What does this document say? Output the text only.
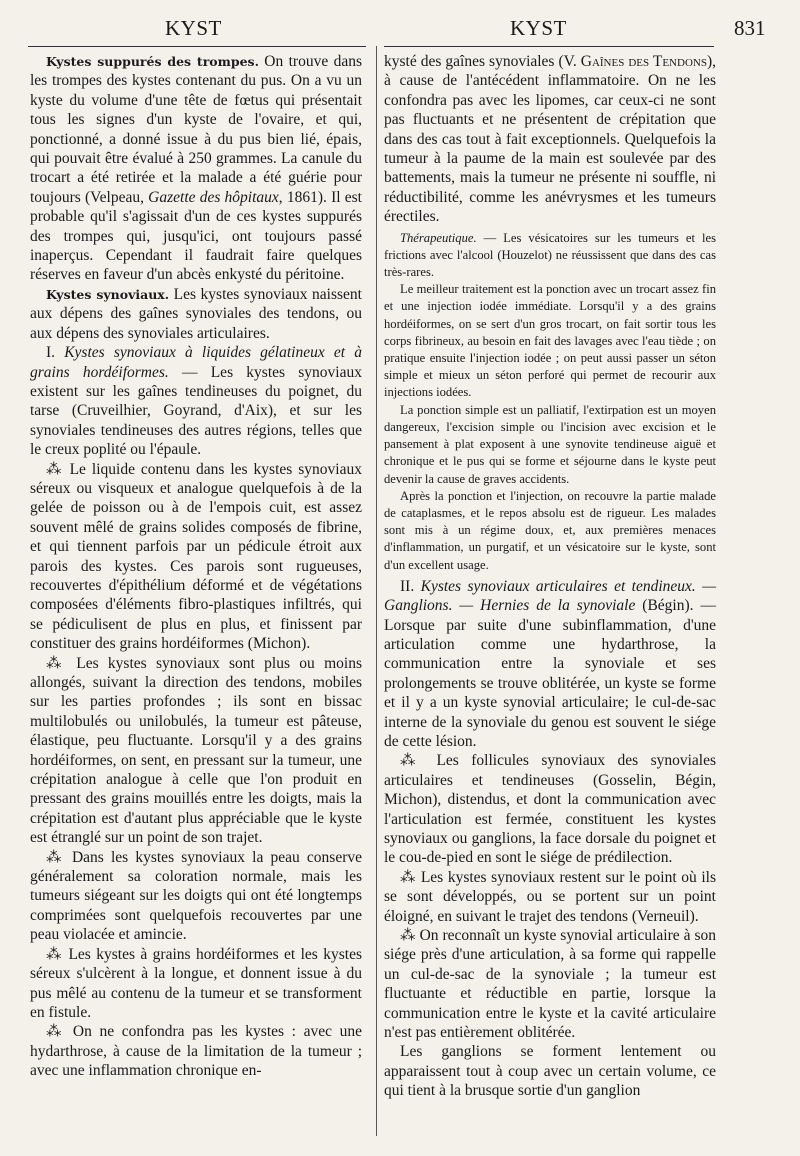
KYST	KYST	831

Kystes suppurés des trompes. On trouve dans les trompes des kystes contenant du pus. On a vu un kyste du volume d'une tête de fœtus qui présentait tous les signes d'un kyste de l'ovaire, et qui, ponctionné, a donné issue à du pus bien lié, épais, qui pouvait être évalué à 250 grammes. La canule du trocart a été retirée et la malade a été guérie pour toujours (Velpeau, Gazette des hôpitaux, 1861). Il est probable qu'il s'agissait d'un de ces kystes suppurés des trompes qui, jusqu'ici, ont toujours passé inaperçus. Cependant il faudrait faire quelques réserves en faveur d'un abcès enkysté du péritoine.

Kystes synoviaux. Les kystes synoviaux naissent aux dépens des gaînes synoviales des tendons, ou aux dépens des synoviales articulaires.

I. Kystes synoviaux à liquides gélatineux et à grains hordéiformes. — Les kystes synoviaux existent sur les gaînes tendineuses du poignet, du tarse (Cruveilhier, Goyrand, d'Aix), et sur les synoviales tendineuses des autres régions, telles que le creux poplité ou l'épaule.

⁂ Le liquide contenu dans les kystes synoviaux séreux ou visqueux et analogue quelquefois à de la gelée de poisson ou à de l'empois cuit, est assez souvent mêlé de grains solides composés de fibrine, et qui tiennent parfois par un pédicule étroit aux parois des kystes. Ces parois sont rugueuses, recouvertes d'épithélium déformé et de végétations composées d'éléments fibro-plastiques infiltrés, qui se pédiculisent de plus en plus, et finissent par constituer des grains hordéiformes (Michon).

⁂ Les kystes synoviaux sont plus ou moins allongés, suivant la direction des tendons, mobiles sur les parties profondes ; ils sont en bissac multilobulés ou unilobulés, la tumeur est pâteuse, élastique, peu fluctuante. Lorsqu'il y a des grains hordéiformes, on sent, en pressant sur la tumeur, une crépitation analogue à celle que l'on produit en pressant des grains mouillés entre les doigts, mais la crépitation est d'autant plus appréciable que le kyste est étranglé sur un point de son trajet.

⁂ Dans les kystes synoviaux la peau conserve généralement sa coloration normale, mais les tumeurs siégeant sur les doigts qui ont été longtemps comprimées sont quelquefois recouvertes par une peau violacée et amincie.

⁂ Les kystes à grains hordéiformes et les kystes séreux s'ulcèrent à la longue, et donnent issue à du pus mêlé au contenu de la tumeur et se transforment en fistule.

⁂ On ne confondra pas les kystes : avec une hydarthrose, à cause de la limitation de la tumeur ; avec une inflammation chronique en-

kysté des gaînes synoviales (V. Gaînes des Tendons), à cause de l'antécédent inflammatoire. On ne les confondra pas avec les lipomes, car ceux-ci ne sont pas fluctuants et ne présentent de crépitation que dans des cas tout à fait exceptionnels. Quelquefois la tumeur à la paume de la main est soulevée par des battements, mais la tumeur ne présente ni souffle, ni réductibilité, comme les anévrysmes et les tumeurs érectiles.

Thérapeutique. — Les vésicatoires sur les tumeurs et les frictions avec l'alcool (Houzelot) ne réussissent que dans des cas très-rares.

Le meilleur traitement est la ponction avec un trocart assez fin et une injection iodée immédiate. Lorsqu'il y a des grains hordéiformes, on se sert d'un gros trocart, on fait sortir tous les corps fibrineux, au besoin en fait des lavages avec l'eau tiède ; on pratique ensuite l'injection iodée ; on peut aussi passer un séton simple et mieux un séton perforé qui permet de recourir aux injections iodées.

La ponction simple est un palliatif, l'extirpation est un moyen dangereux, l'excision simple ou l'incision avec excision et le pansement à plat exposent à une synovite tendineuse aiguë et chronique et le pus qui se forme et séjourne dans le kyste peut devenir la cause de graves accidents.

Après la ponction et l'injection, on recouvre la partie malade de cataplasmes, et le repos absolu est de rigueur. Les malades sont mis à un régime doux, et, aux premières menaces d'inflammation, un purgatif, et un vésicatoire sur le kyste, sont d'un excellent usage.

II. Kystes synoviaux articulaires et tendineux. — Ganglions. — Hernies de la synoviale (Bégin). — Lorsque par suite d'une subinflammation, d'une articulation comme une hydarthrose, la communication entre la synoviale et ses prolongements se trouve oblitérée, un kyste se forme et il y a un kyste synovial articulaire; le cul-de-sac interne de la synoviale du genou est souvent le siége de cette lésion.

⁂ Les follicules synoviaux des synoviales articulaires et tendineuses (Gosselin, Bégin, Michon), distendus, et dont la communication avec l'articulation est fermée, constituent les kystes synoviaux ou ganglions, la face dorsale du poignet et le cou-de-pied en sont le siége de prédilection.

⁂ Les kystes synoviaux restent sur le point où ils se sont développés, ou se portent sur un point éloigné, en suivant le trajet des tendons (Verneuil).

⁂ On reconnaît un kyste synovial articulaire à son siége près d'une articulation, à sa forme qui rappelle un cul-de-sac de la synoviale ; la tumeur est fluctuante et réductible en partie, lorsque la communication entre le kyste et la cavité articulaire n'est pas entièrement oblitérée.

Les ganglions se forment lentement ou apparaissent tout à coup avec un certain volume, ce qui tient à la brusque sortie d'un ganglion
